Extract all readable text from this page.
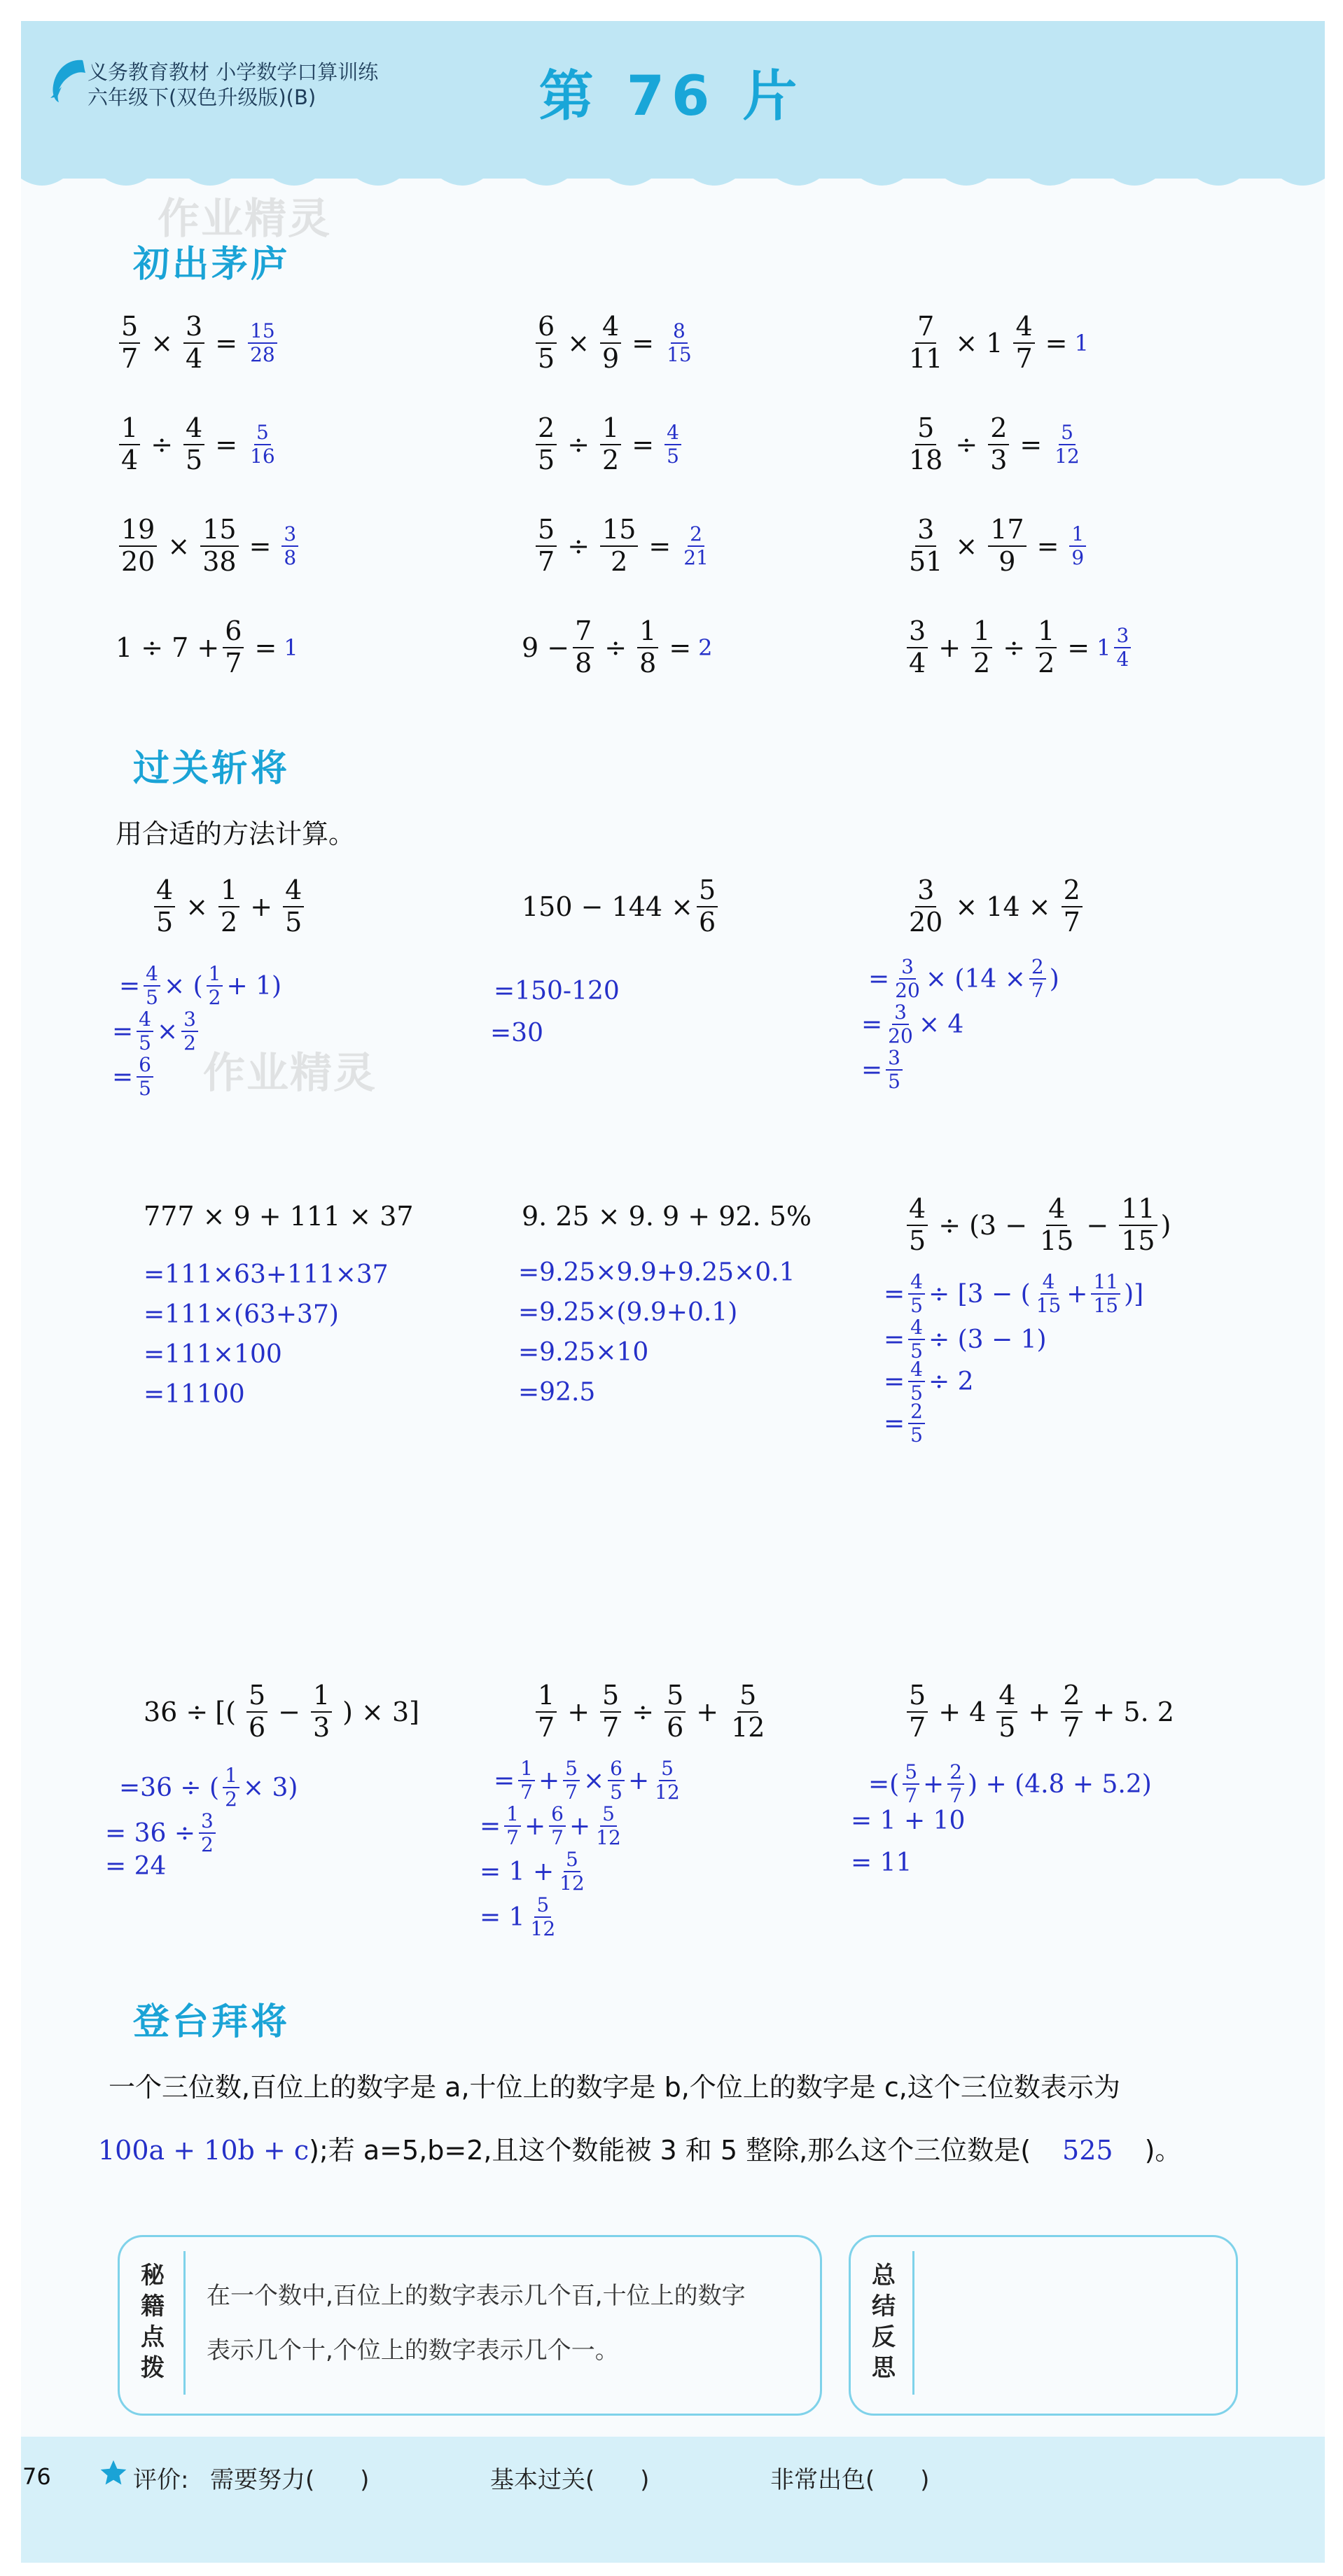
义务教育教材 小学数学口算训练
六年级下(双色升级版)(B)	第 76 片
作业精灵
初出茅庐
$\frac{5}{7} \times \frac{3}{4} = \frac{15}{28}$	$\frac{6}{5} \times \frac{4}{9} = \frac{8}{15}$	$\frac{7}{11} \times 1 \frac{4}{7} = 1$
$\frac{1}{4} \div \frac{4}{5} = \frac{5}{16}$	$\frac{2}{5} \div \frac{1}{2} = \frac{4}{5}$	$\frac{5}{18} \div \frac{2}{3} = \frac{5}{12}$
$\frac{19}{20} \times \frac{15}{38} = \frac{3}{8}$	$\frac{5}{7} \div \frac{15}{2} = \frac{2}{21}$	$\frac{3}{51} \times \frac{17}{9} = \frac{1}{9}$
$1 \div 7 + \frac{6}{7} = 1$	$9 - \frac{7}{8} \div \frac{1}{8} = 2$	$\frac{3}{4} + \frac{1}{2} \div \frac{1}{2} = 1 \frac{3}{4}$
过关斩将
用合适的方法计算。
$\frac{4}{5} \times \frac{1}{2} + \frac{4}{5}$
= $\frac{4}{5}$ × ( $\frac{1}{2} + 1$)
= $\frac{4}{5} \times \frac{3}{2}$
= $\frac{6}{5}$ 作业精灵
$150 - 144 \times \frac{5}{6}$
=150-120
=30
$\frac{3}{20} \times 14 \times \frac{2}{7}$
= $\frac{3}{20} \times (14 \times \frac{2}{7}$ )
= $\frac{3}{20} \times 4$
= $\frac{3}{5}$
777 × 9 + 111 × 37
=111×63+111×37
=111×(63+37)
=111×100
=11100
9. 25 × 9. 9 + 92. 5%
=9.25×9.9+9.25×0.1
=9.25×(9.9+0.1)
=9.25×10
=92.5
$\frac{4}{5} \div (3 - \frac{4}{15} - \frac{11}{15}$ )
= $\frac{4}{5} \div [3$ − ( $\frac{4}{15} + \frac{11}{15}$ )]
= $\frac{4}{5} \div (3 - 1)$
= $\frac{4}{5} \div 2$
= $\frac{2}{5}$
36 ÷ [( $\frac{5}{6} - \frac{1}{3}$ ) × 3]
=36 ÷ ( $\frac{1}{2} \times 3$)
= $36 \div \frac{3}{2}$
= 24
$\frac{1}{7} + \frac{5}{7} \div \frac{5}{6} + \frac{5}{12}$
= $\frac{1}{7} + \frac{5}{7} \times \frac{6}{5} + \frac{5}{12}$
= $\frac{1}{7} + \frac{6}{7} + \frac{5}{12}$
= $1 + \frac{5}{12}$
= $1 \frac{5}{12}$
$\frac{5}{7} + 4 \frac{4}{5} + \frac{2}{7} + 5$. 2
=( $\frac{5}{7} + \frac{2}{7}$ ) + (4.8 + 5.2)
= 1 + 10
= 11
登台拜将
一个三位数,百位上的数字是 a,十位上的数字是 b,个位上的数字是 c,这个三位数表示为
100a + 10b + c);若 a=5,b=2,且这个数能被 3 和 5 整除,那么这个三位数是( 525 )。
秘
籍
点
拨
在一个数中,百位上的数字表示几个百,十位上的数字
表示几个十,个位上的数字表示几个一。
总
结
反
思
76	评价: 需要努力(      )	基本过关(      )	非常出色(      )
